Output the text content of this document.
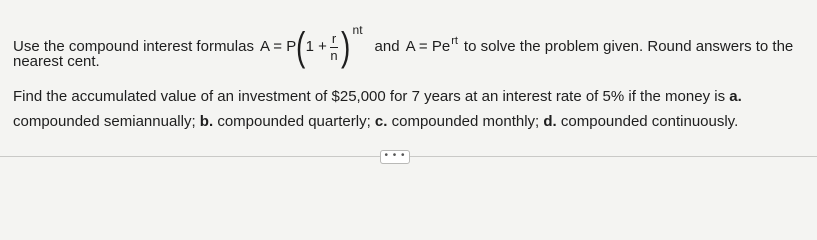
Use the compound interest formulas A = P ( $1 + \frac{r}{n}$ ) nt
and $A = Pe^{rt}$ to solve the problem given. Round answers to the
nearest cent.
Find the accumulated value of an investment of $25,000 for 7 years at an interest rate of 5% if the money is a.
compounded semiannually; b. compounded quarterly; c. compounded monthly; d. compounded continuously.
• • •
